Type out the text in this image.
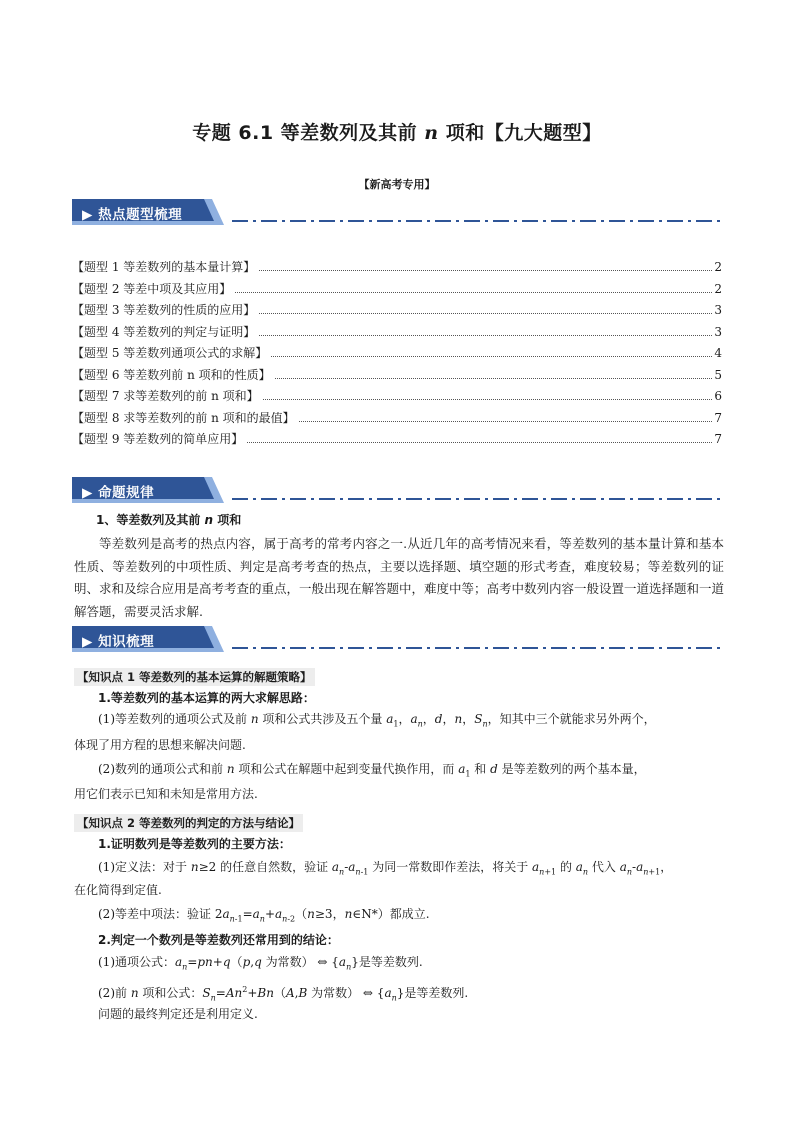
专题 6.1 等差数列及其前 n 项和【九大题型】
【新高考专用】
▶ 热点题型梳理
【题型 1 等差数列的基本量计算】	2
【题型 2 等差中项及其应用】	2
【题型 3 等差数列的性质的应用】	3
【题型 4 等差数列的判定与证明】	3
【题型 5 等差数列通项公式的求解】	4
【题型 6 等差数列前 n 项和的性质】	5
【题型 7 求等差数列的前 n 项和】	6
【题型 8 求等差数列的前 n 项和的最值】	7
【题型 9 等差数列的简单应用】	7
▶ 命题规律
1、等差数列及其前 n 项和
等差数列是高考的热点内容，属于高考的常考内容之一.从近几年的高考情况来看，等差数列的基本量计算和基本性质、等差数列的中项性质、判定是高考考查的热点，主要以选择题、填空题的形式考查，难度较易；等差数列的证明、求和及综合应用是高考考查的重点，一般出现在解答题中，难度中等；高考中数列内容一般设置一道选择题和一道解答题，需要灵活求解.
▶ 知识梳理
【知识点 1 等差数列的基本运算的解题策略】
1.等差数列的基本运算的两大求解思路：
(1)等差数列的通项公式及前 n 项和公式共涉及五个量 $a_1$，$a_n$，d，n，$S_n$，知其中三个就能求另外两个，
体现了用方程的思想来解决问题.
(2)数列的通项公式和前 n 项和公式在解题中起到变量代换作用，而 $a_1$ 和 d 是等差数列的两个基本量，
用它们表示已知和未知是常用方法.
【知识点 2 等差数列的判定的方法与结论】
1.证明数列是等差数列的主要方法：
(1)定义法：对于 n≥2 的任意自然数，验证 $a_n-a_{n-1}$ 为同一常数即作差法，将关于 $a_{n+1}$ 的 $a_n$ 代入 $a_n-a_{n+1}$，
在化简得到定值.
(2)等差中项法：验证 $2a_{n-1}=a_n+a_{n-2}(n\ge 3$，n∈N*）都成立.
2.判定一个数列是等差数列还常用到的结论：
(1)通项公式：$a_n=pn+q(p,q$ 为常数） ⇔ $\{a_n\}$是等差数列.
(2)前 n 项和公式：$S_n=An^2+Bn(A,B$ 为常数） ⇔ $\{a_n\}$是等差数列.
问题的最终判定还是利用定义.
